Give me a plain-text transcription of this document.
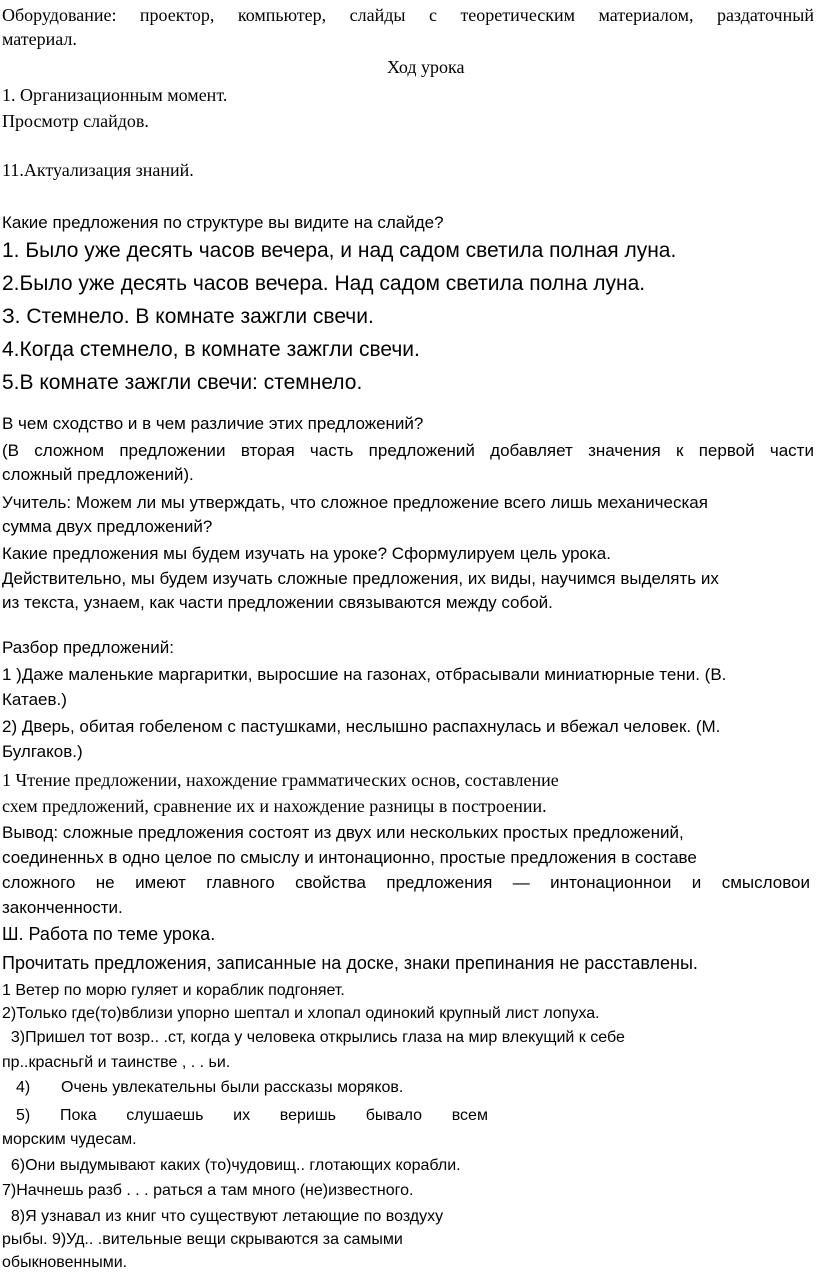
Оборудование: проектор, компьютер, слайды с теоретическим материалом, раздаточный
материал.
Ход урока
1. Организационным момент.
Просмотр слайдов.
11.Актуализация знаний.
Какие предложения по структуре вы видите на слайде?
1. Было уже десять часов вечера, и над садом светила полная луна.
2.Было уже десять часов вечера. Над садом светила полна луна.
З. Стемнело. В комнате зажгли свечи.
4.Когда стемнело, в комнате зажгли свечи.
5.В комнате зажгли свечи: стемнело.
В чем сходство и в чем различие этих предложений?
(В сложном предложении вторая часть предложений добавляет значения к первой части
сложный предложений).
Учитель: Можем ли мы утверждать, что сложное предложение всего лишь механическая
сумма двух предложений?
Какие предложения мы будем изучать на уроке? Сформулируем цель урока.
Действительно, мы будем изучать сложные предложения, их виды, научимся выделять их
из текста, узнаем, как части предложении связываются между собой.
Разбор предложений:
1 )Даже маленькие маргаритки, выросшие на газонах, отбрасывали миниатюрные тени. (В.
Катаев.)
2) Дверь, обитая гобеленом с пастушками, неслышно распахнулась и вбежал человек. (М.
Булгаков.)
1 Чтение предложении, нахождение грамматических основ, составление
схем предложений, сравнение их и нахождение разницы в построении.
Вывод: сложные предложения состоят из двух или нескольких простых предложений,
соединенньх в одно целое по смыслу и интонационно, простые предложения в составе
сложного не имеют главного свойства предложения — интонационнои и смысловои
законченности.
Ш. Работа по теме урока.
Прочитать предложения, записанные на доске, знаки препинания не расставлены.
1 Ветер по морю гуляет и кораблик подгоняет.
2)Только где(то)вблизи упорно шептал и хлопал одинокий крупный лист лопуха.
3)Пришел тот возр.. .ст, когда у человека открылись глаза на мир влекущий к себе
пр..красньгй и таинстве , . . ьи.
4) Очень увлекательны были рассказы моряков.
5) Пока слушаешь их веришь бывало всем
морским чудесам.
6)Они выдумывают каких (то)чудовищ.. глотающих корабли.
7)Начнешь разб . . . раться а там много (не)известного.
8)Я узнавал из книг что существуют летающие по воздуху
рыбы. 9)Уд.. .вительные вещи скрываются за самыми
обыкновенными.
